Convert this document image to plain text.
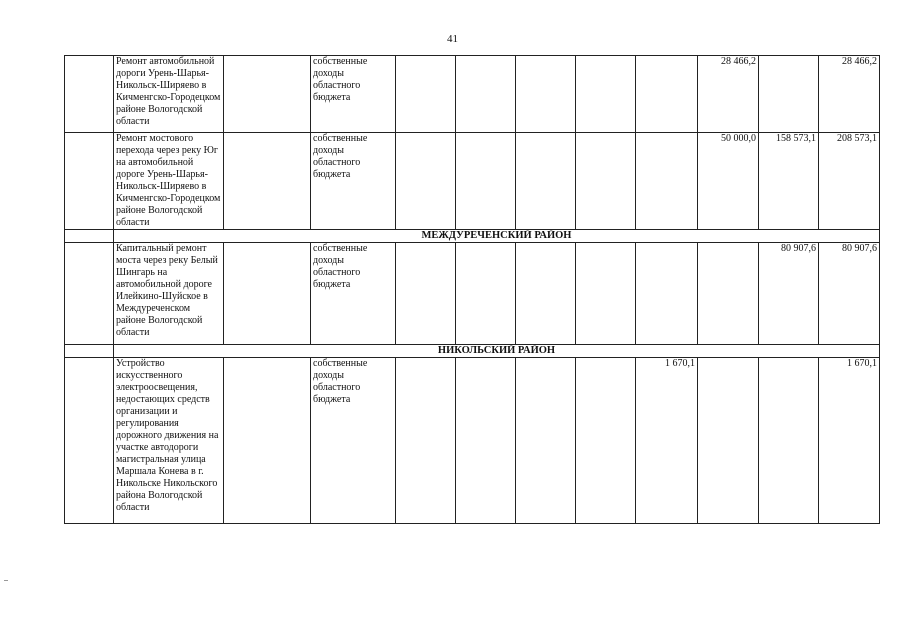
41
	Ремонт автомобильной дороги Урень-Шарья-Никольск-Ширяево в Кичменгско-Городецком районе Вологодской области		собственные доходы областного бюджета						28 466,2		28 466,2
	Ремонт мостового перехода через реку Юг на автомобильной дороге Урень-Шарья-Никольск-Ширяево в Кичменгско-Городецком районе Вологодской области		собственные доходы областного бюджета						50 000,0	158 573,1	208 573,1
	МЕЖДУРЕЧЕНСКИЙ РАЙОН										
	Капитальный ремонт моста через реку Белый Шингарь на автомобильной дороге Илейкино-Шуйское в Междуреченском районе Вологодской области		собственные доходы областного бюджета							80 907,6	80 907,6
	НИКОЛЬСКИЙ РАЙОН										
	Устройство искусственного электроосвещения, недостающих средств организации и регулирования дорожного движения на участке автодороги магистральная улица Маршала Конева в г. Никольске Никольского района Вологодской области		собственные доходы областного бюджета					1 670,1			1 670,1
